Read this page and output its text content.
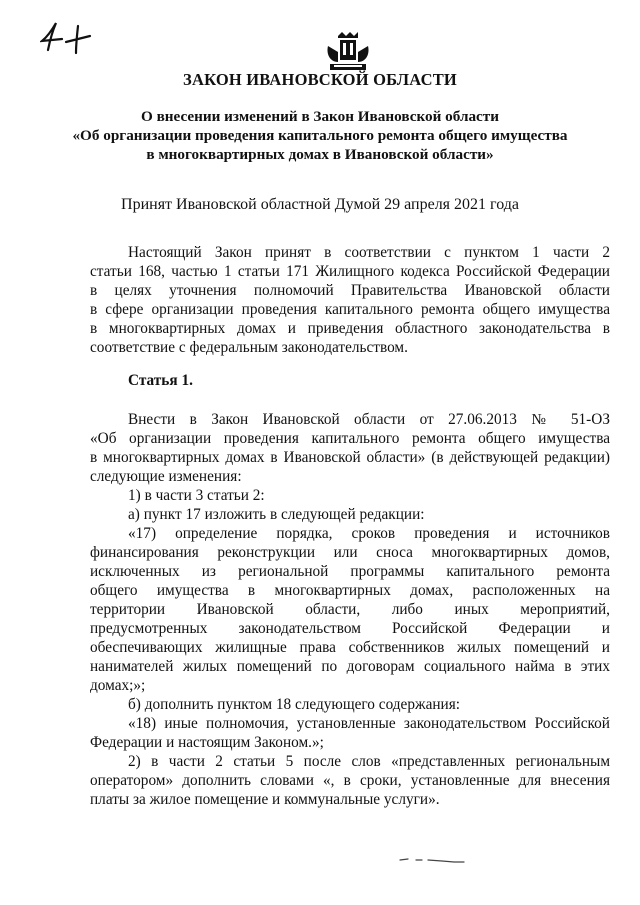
ЗАКОН ИВАНОВСКОЙ ОБЛАСТИ
О внесении изменений в Закон Ивановской области
«Об организации проведения капитального ремонта общего имущества
в многоквартирных домах в Ивановской области»
Принят Ивановской областной Думой 29 апреля 2021 года
Настоящий Закон принят в соответствии с пунктом 1 части 2
статьи 168, частью 1 статьи 171 Жилищного кодекса Российской Федерации
в целях уточнения полномочий Правительства Ивановской области
в сфере организации проведения капитального ремонта общего имущества
в многоквартирных домах и приведения областного законодательства в
соответствие с федеральным законодательством.
Статья 1.
Внести в Закон Ивановской области от 27.06.2013 № 51-ОЗ
«Об организации проведения капитального ремонта общего имущества
в многоквартирных домах в Ивановской области» (в действующей редакции)
следующие изменения:
1) в части 3 статьи 2:
а) пункт 17 изложить в следующей редакции:
«17) определение порядка, сроков проведения и источников
финансирования реконструкции или сноса многоквартирных домов,
исключенных из региональной программы капитального ремонта
общего имущества в многоквартирных домах, расположенных на
территории Ивановской области, либо иных мероприятий,
предусмотренных законодательством Российской Федерации и
обеспечивающих жилищные права собственников жилых помещений и
нанимателей жилых помещений по договорам социального найма в этих
домах;»;
б) дополнить пунктом 18 следующего содержания:
«18) иные полномочия, установленные законодательством Российской
Федерации и настоящим Законом.»;
2) в части 2 статьи 5 после слов «представленных региональным
оператором» дополнить словами «, в сроки, установленные для внесения
платы за жилое помещение и коммунальные услуги».
